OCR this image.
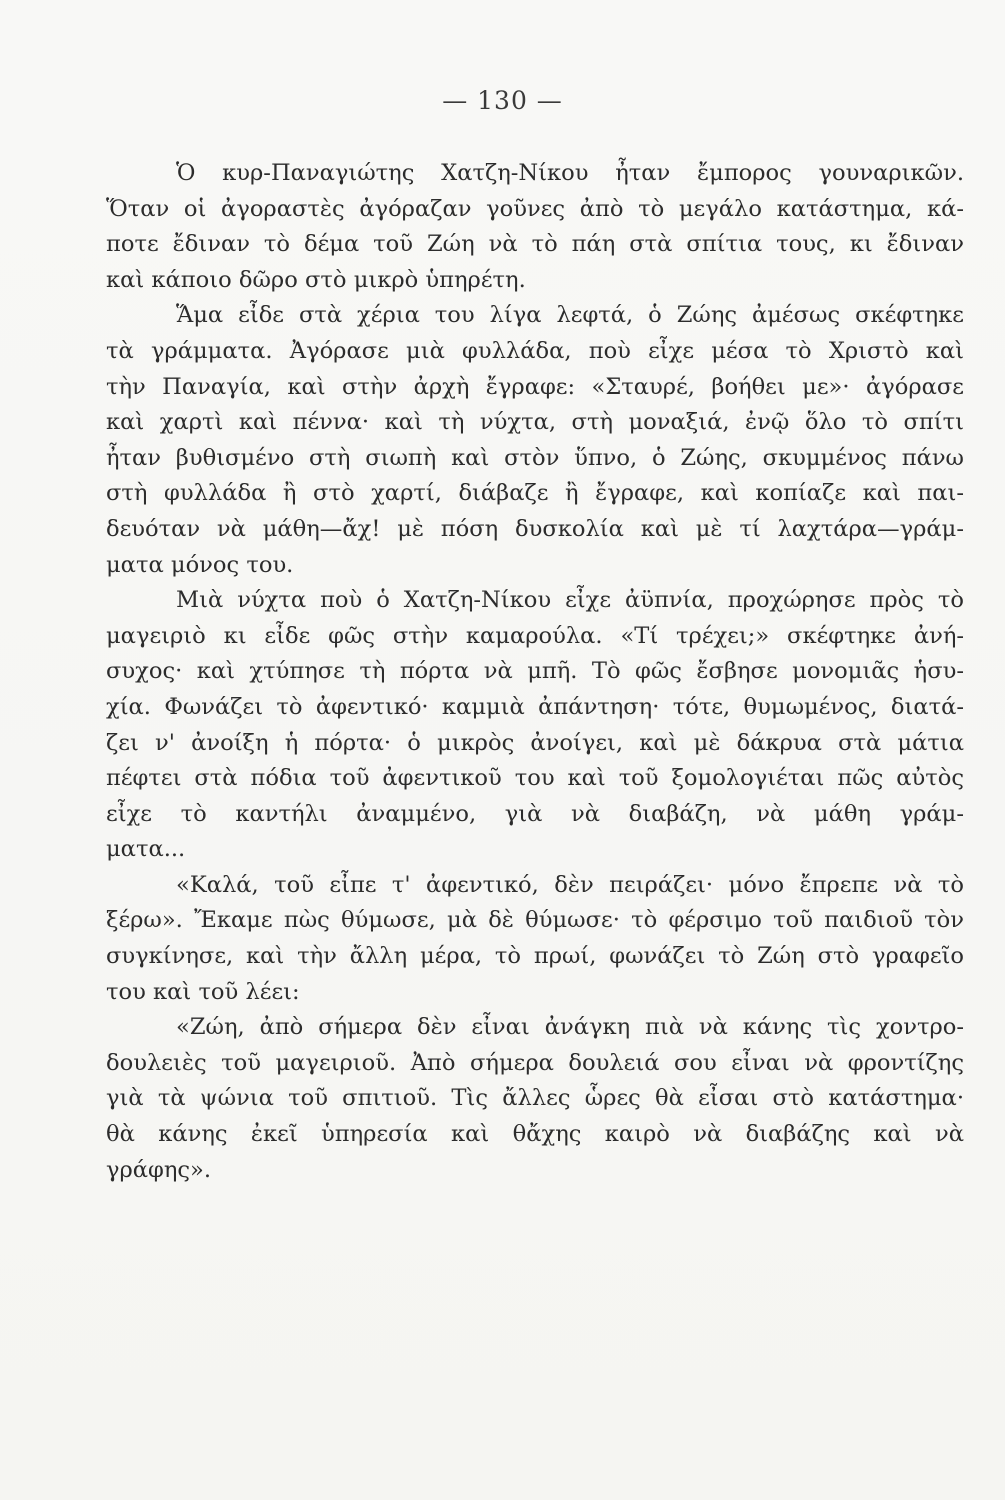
— 130 —
Ὁ κυρ-Παναγιώτης Χατζη-Νίκου ἦταν ἔμπορος γουναρικῶν.
Ὅταν οἱ ἀγοραστὲς ἀγόραζαν γοῦνες ἀπὸ τὸ μεγάλο κατάστημα, κά-
ποτε ἔδιναν τὸ δέμα τοῦ Ζώη νὰ τὸ πάη στὰ σπίτια τους, κι ἔδιναν
καὶ κάποιο δῶρο στὸ μικρὸ ὑπηρέτη.
Ἅμα εἶδε στὰ χέρια του λίγα λεφτά, ὁ Ζώης ἀμέσως σκέφτηκε
τὰ γράμματα. Ἀγόρασε μιὰ φυλλάδα, ποὺ εἶχε μέσα τὸ Χριστὸ καὶ
τὴν Παναγία, καὶ στὴν ἀρχὴ ἔγραφε: «Σταυρέ, βοήθει με»· ἀγόρασε
καὶ χαρτὶ καὶ πέννα· καὶ τὴ νύχτα, στὴ μοναξιά, ἐνῷ ὅλο τὸ σπίτι
ἦταν βυθισμένο στὴ σιωπὴ καὶ στὸν ὕπνο, ὁ Ζώης, σκυμμένος πάνω
στὴ φυλλάδα ἢ στὸ χαρτί, διάβαζε ἢ ἔγραφε, καὶ κοπίαζε καὶ παι-
δευόταν νὰ μάθη—ἄχ! μὲ πόση δυσκολία καὶ μὲ τί λαχτάρα—γράμ-
ματα μόνος του.
Μιὰ νύχτα ποὺ ὁ Χατζη-Νίκου εἶχε ἀϋπνία, προχώρησε πρὸς τὸ
μαγειριὸ κι εἶδε φῶς στὴν καμαρούλα. «Τί τρέχει;» σκέφτηκε ἀνή-
συχος· καὶ χτύπησε τὴ πόρτα νὰ μπῆ. Τὸ φῶς ἔσβησε μονομιᾶς ἡσυ-
χία. Φωνάζει τὸ ἀφεντικό· καμμιὰ ἀπάντηση· τότε, θυμωμένος, διατά-
ζει ν' ἀνοίξη ἡ πόρτα· ὁ μικρὸς ἀνοίγει, καὶ μὲ δάκρυα στὰ μάτια
πέφτει στὰ πόδια τοῦ ἀφεντικοῦ του καὶ τοῦ ξομολογιέται πῶς αὐτὸς
εἶχε τὸ καντήλι ἀναμμένο, γιὰ νὰ διαβάζη, νὰ μάθη γράμ-
ματα...
«Καλά, τοῦ εἶπε τ' ἀφεντικό, δὲν πειράζει· μόνο ἔπρεπε νὰ τὸ
ξέρω». Ἔκαμε πὼς θύμωσε, μὰ δὲ θύμωσε· τὸ φέρσιμο τοῦ παιδιοῦ τὸν
συγκίνησε, καὶ τὴν ἄλλη μέρα, τὸ πρωί, φωνάζει τὸ Ζώη στὸ γραφεῖο
του καὶ τοῦ λέει:
«Ζώη, ἀπὸ σήμερα δὲν εἶναι ἀνάγκη πιὰ νὰ κάνης τὶς χοντρο-
δουλειὲς τοῦ μαγειριοῦ. Ἀπὸ σήμερα δουλειά σου εἶναι νὰ φροντίζης
γιὰ τὰ ψώνια τοῦ σπιτιοῦ. Τὶς ἄλλες ὧρες θὰ εἶσαι στὸ κατάστημα·
θὰ κάνης ἐκεῖ ὑπηρεσία καὶ θἄχης καιρὸ νὰ διαβάζης καὶ νὰ
γράφης».
